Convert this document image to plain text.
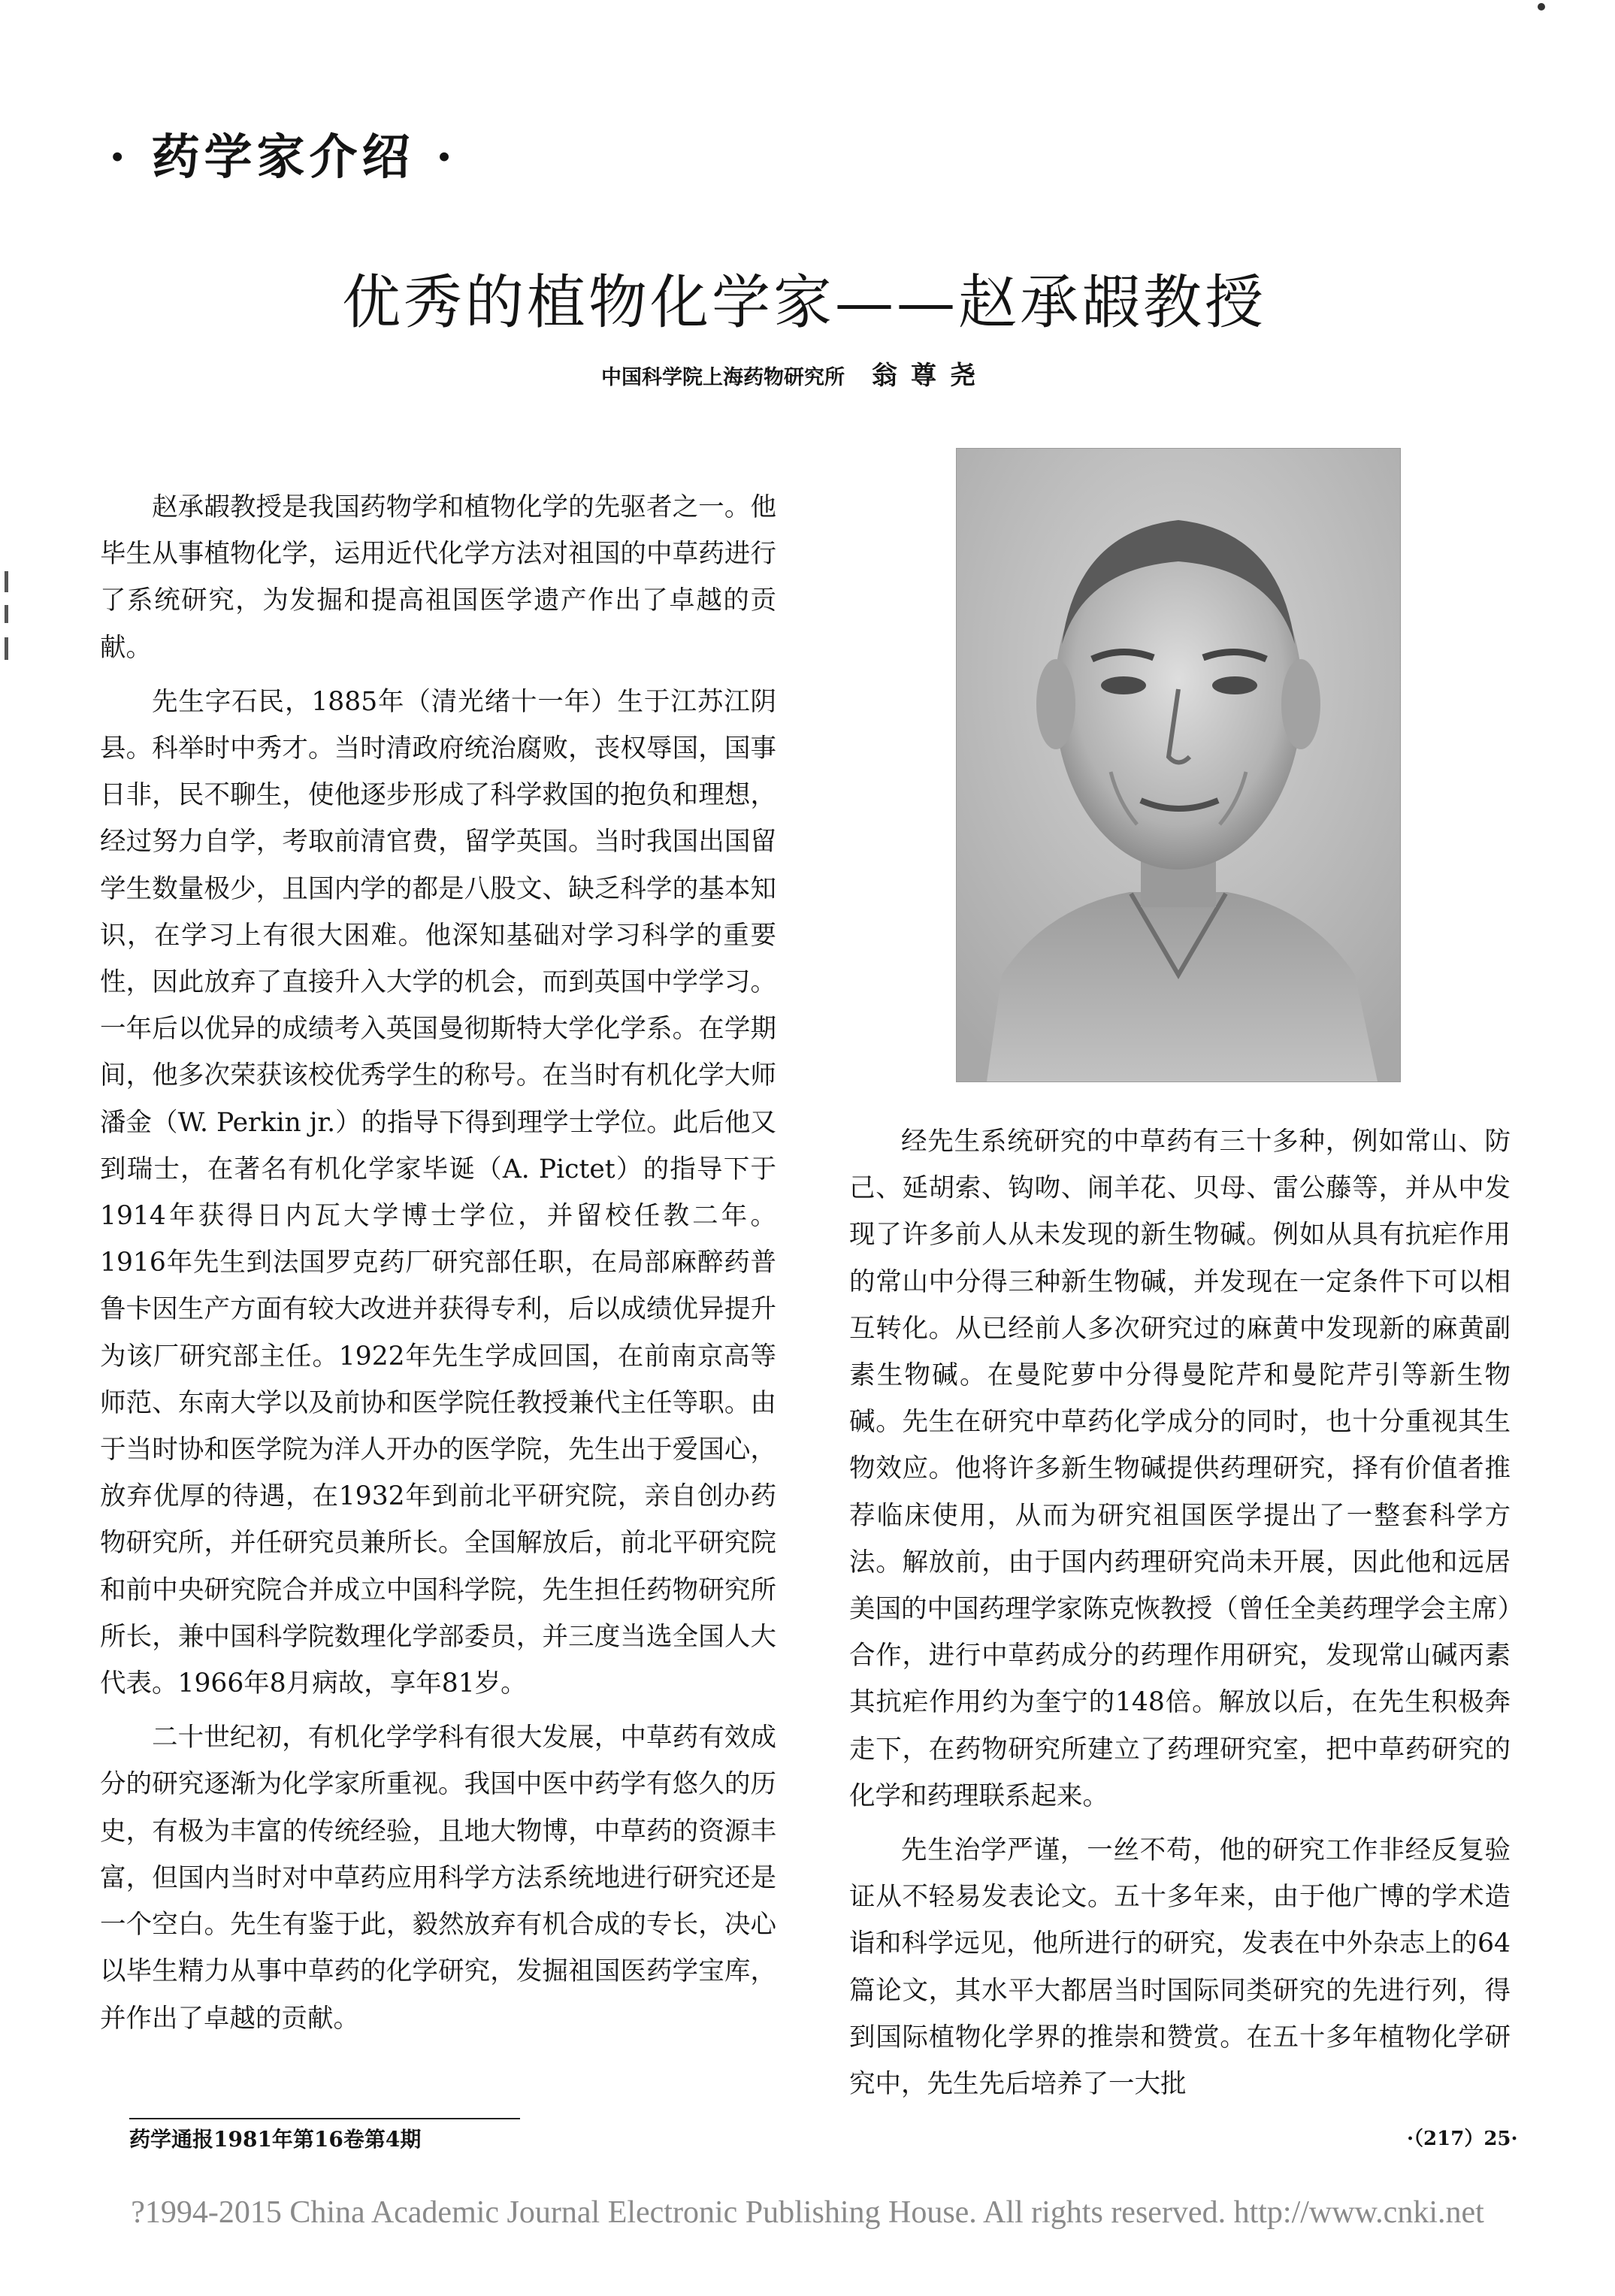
· 药学家介绍 ·
优秀的植物化学家——赵承嘏教授
中国科学院上海药物研究所 翁尊尧

赵承嘏教授是我国药物学和植物化学的先驱者之一。他毕生从事植物化学，运用近代化学方法对祖国的中草药进行了系统研究，为发掘和提高祖国医学遗产作出了卓越的贡献。

先生字石民，1885年（清光绪十一年）生于江苏江阴县。科举时中秀才。当时清政府统治腐败，丧权辱国，国事日非，民不聊生，使他逐步形成了科学救国的抱负和理想，经过努力自学，考取前清官费，留学英国。当时我国出国留学生数量极少，且国内学的都是八股文、缺乏科学的基本知识，在学习上有很大困难。他深知基础对学习科学的重要性，因此放弃了直接升入大学的机会，而到英国中学学习。一年后以优异的成绩考入英国曼彻斯特大学化学系。在学期间，他多次荣获该校优秀学生的称号。在当时有机化学大师潘金（W. Perkin jr.）的指导下得到理学士学位。此后他又到瑞士，在著名有机化学家毕诞（A. Pictet）的指导下于1914年获得日内瓦大学博士学位，并留校任教二年。1916年先生到法国罗克药厂研究部任职，在局部麻醉药普鲁卡因生产方面有较大改进并获得专利，后以成绩优异提升为该厂研究部主任。1922年先生学成回国，在前南京高等师范、东南大学以及前协和医学院任教授兼代主任等职。由于当时协和医学院为洋人开办的医学院，先生出于爱国心，放弃优厚的待遇，在1932年到前北平研究院，亲自创办药物研究所，并任研究员兼所长。全国解放后，前北平研究院和前中央研究院合并成立中国科学院，先生担任药物研究所所长，兼中国科学院数理化学部委员，并三度当选全国人大代表。1966年8月病故，享年81岁。

二十世纪初，有机化学学科有很大发展，中草药有效成分的研究逐渐为化学家所重视。我国中医中药学有悠久的历史，有极为丰富的传统经验，且地大物博，中草药的资源丰富，但国内当时对中草药应用科学方法系统地进行研究还是一个空白。先生有鉴于此，毅然放弃有机合成的专长，决心以毕生精力从事中草药的化学研究，发掘祖国医药学宝库，并作出了卓越的贡献。

经先生系统研究的中草药有三十多种，例如常山、防己、延胡索、钩吻、闹羊花、贝母、雷公藤等，并从中发现了许多前人从未发现的新生物碱。例如从具有抗疟作用的常山中分得三种新生物碱，并发现在一定条件下可以相互转化。从已经前人多次研究过的麻黄中发现新的麻黄副素生物碱。在曼陀萝中分得曼陀芹和曼陀芹引等新生物碱。先生在研究中草药化学成分的同时，也十分重视其生物效应。他将许多新生物碱提供药理研究，择有价值者推荐临床使用，从而为研究祖国医学提出了一整套科学方法。解放前，由于国内药理研究尚未开展，因此他和远居美国的中国药理学家陈克恢教授（曾任全美药理学会主席）合作，进行中草药成分的药理作用研究，发现常山碱丙素其抗疟作用约为奎宁的148倍。解放以后，在先生积极奔走下，在药物研究所建立了药理研究室，把中草药研究的化学和药理联系起来。

先生治学严谨，一丝不苟，他的研究工作非经反复验证从不轻易发表论文。五十多年来，由于他广博的学术造诣和科学远见，他所进行的研究，发表在中外杂志上的64篇论文，其水平大都居当时国际同类研究的先进行列，得到国际植物化学界的推崇和赞赏。在五十多年植物化学研究中，先生先后培养了一大批

药学通报1981年第16卷第4期	·（217）25·
?1994-2015 China Academic Journal Electronic Publishing House. All rights reserved. http://www.cnki.net
